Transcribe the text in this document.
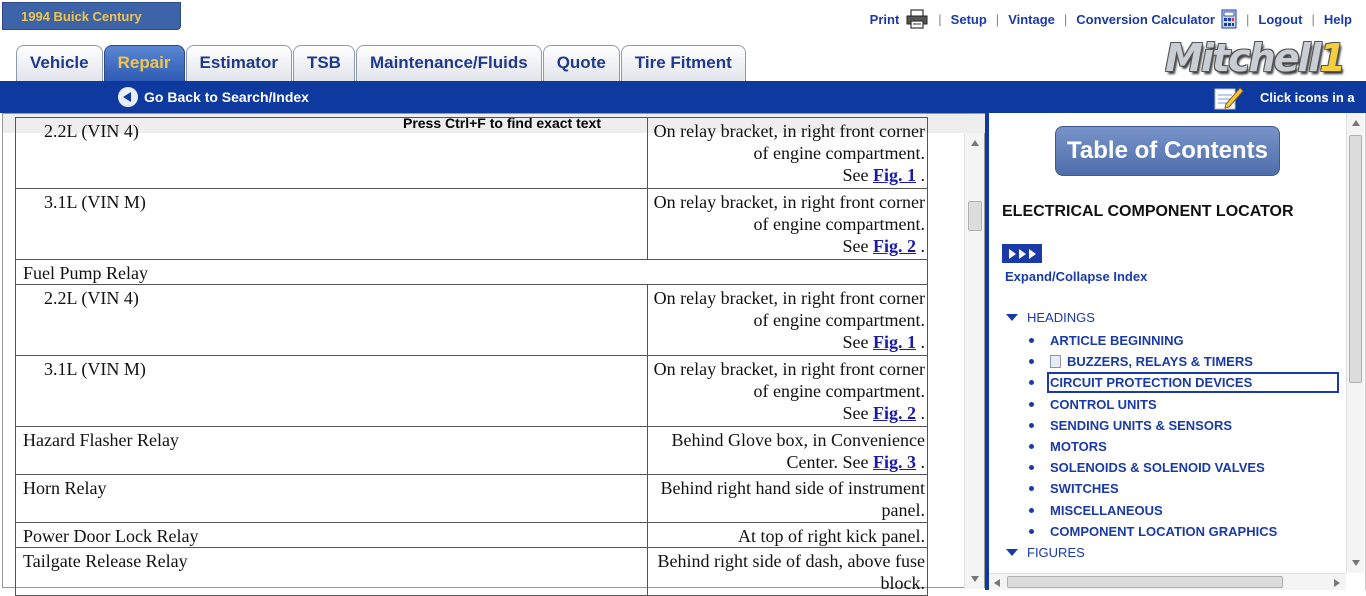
1994 Buick Century	Print	| Setup | Vintage | Conversion Calculator | Logout | Help
Vehicle	Repair	Estimator	TSB	Maintenance/Fluids	Quote	Tire Fitment	Mitchell1
Go Back to Search/Index	Click icons in a
Press Ctrl+F to find exact text
2.2L (VIN 4)	On relay bracket, in right front corner of engine compartment.
See Fig. 1 .
3.1L (VIN M)	On relay bracket, in right front corner of engine compartment.
See Fig. 2 .
Fuel Pump Relay	
2.2L (VIN 4)	On relay bracket, in right front corner of engine compartment.
See Fig. 1 .
3.1L (VIN M)	On relay bracket, in right front corner of engine compartment.
See Fig. 2 .
Hazard Flasher Relay	Behind Glove box, in Convenience Center. See Fig. 3 .
Horn Relay	Behind right hand side of instrument panel.
Power Door Lock Relay	At top of right kick panel.
Tailgate Release Relay	Behind right side of dash, above fuse block.
Table of Contents
ELECTRICAL COMPONENT LOCATOR
Expand/Collapse Index
HEADINGS
ARTICLE BEGINNING
BUZZERS, RELAYS & TIMERS
CIRCUIT PROTECTION DEVICES
CONTROL UNITS
SENDING UNITS & SENSORS
MOTORS
SOLENOIDS & SOLENOID VALVES
SWITCHES
MISCELLANEOUS
COMPONENT LOCATION GRAPHICS
FIGURES
